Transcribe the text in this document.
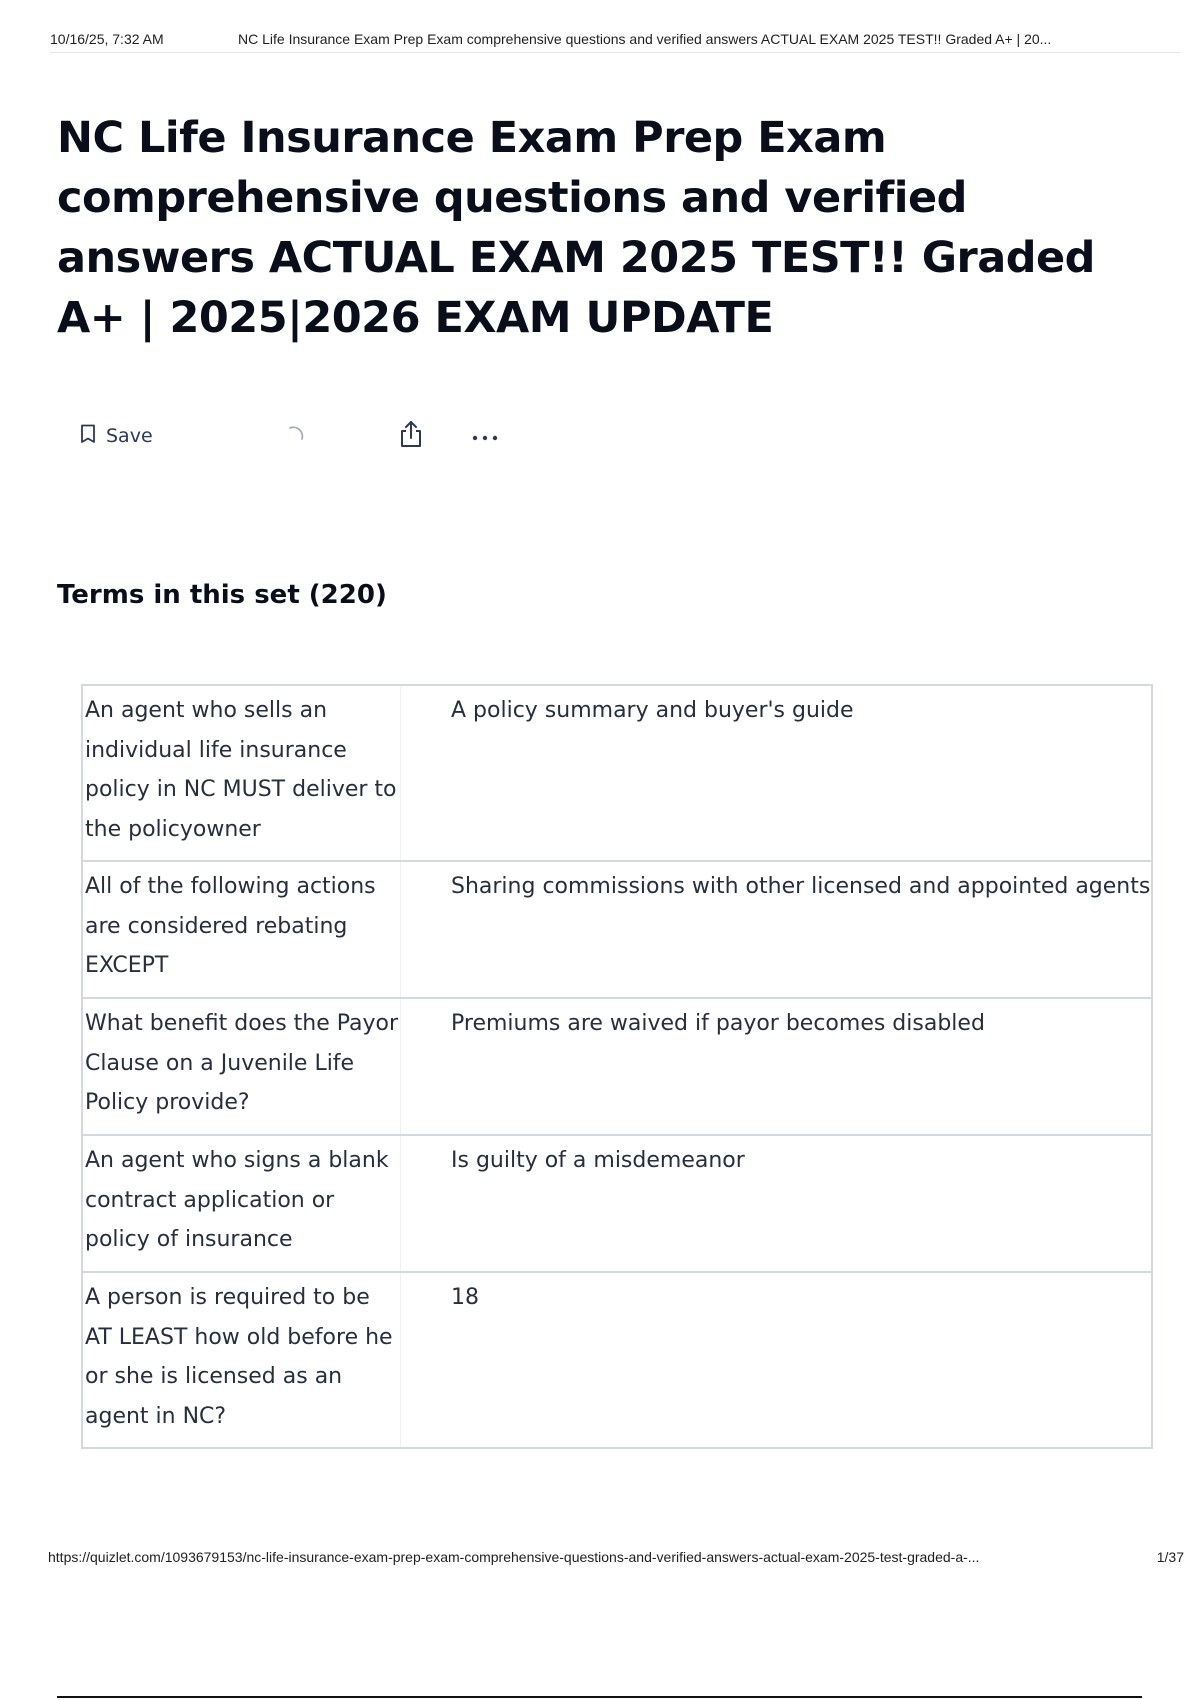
10/16/25, 7:32 AM	NC Life Insurance Exam Prep Exam comprehensive questions and verified answers ACTUAL EXAM 2025 TEST!! Graded A+ | 20...
NC Life Insurance Exam Prep Exam comprehensive questions and verified answers ACTUAL EXAM 2025 TEST!! Graded A+ | 2025|2026 EXAM UPDATE
Save
Terms in this set (220)
An agent who sells an individual life insurance policy in NC MUST deliver to the policyowner
A policy summary and buyer's guide
All of the following actions are considered rebating EXCEPT
Sharing commissions with other licensed and appointed agents
What benefit does the Payor Clause on a Juvenile Life Policy provide?
Premiums are waived if payor becomes disabled
An agent who signs a blank contract application or policy of insurance
Is guilty of a misdemeanor
A person is required to be AT LEAST how old before he or she is licensed as an agent in NC?
18
https://quizlet.com/1093679153/nc-life-insurance-exam-prep-exam-comprehensive-questions-and-verified-answers-actual-exam-2025-test-graded-a-...	1/37
